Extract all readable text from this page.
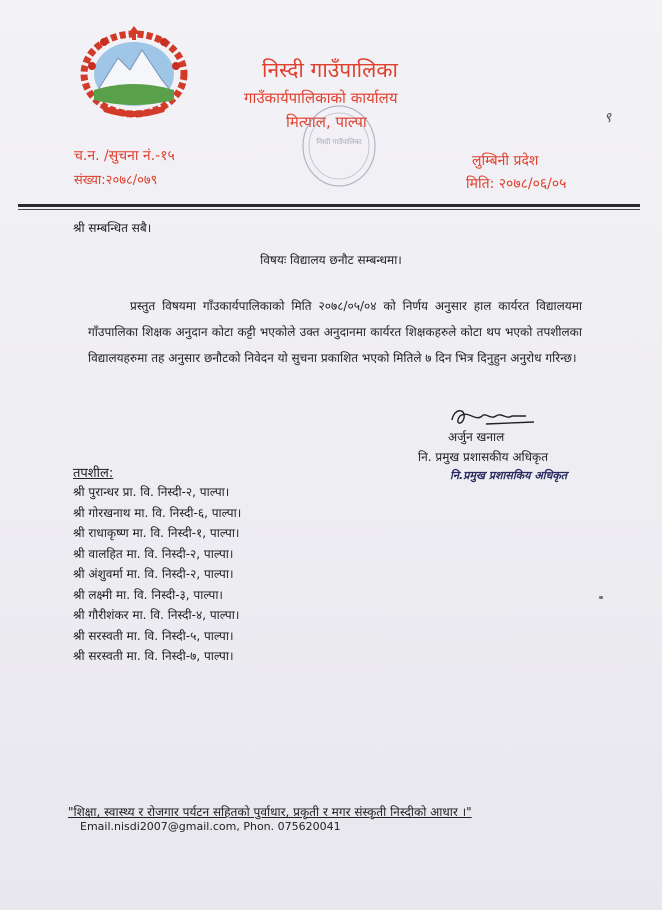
निस्दी गाउँपालिका
गाउँकार्यपालिकाको कार्यालय
मित्याल, पाल्पा
निस्दी गाउँपालिका
च.न. /सुचना नं.-१५
संख्या:२०७८/०७९
लुम्बिनी प्रदेश
मिति: २०७८/०६/०५
९
श्री सम्बन्धित सबै।
विषयः विद्यालय छनौट सम्बन्धमा।

प्रस्तुत विषयमा गाँउकार्यपालिकाको मिति २०७८/०५/०४ को निर्णय अनुसार हाल कार्यरत विद्यालयमा गाँउपालिका शिक्षक अनुदान कोटा कट्टी भएकोले उक्त अनुदानमा कार्यरत शिक्षकहरुले कोटा थप भएको तपशीलका विद्यालयहरुमा तह अनुसार छनौटको निवेदन यो सुचना प्रकाशित भएको मितिले ७ दिन भित्र दिनुहुन अनुरोध गरिन्छ।

अर्जुन खनाल
नि. प्रमुख प्रशासकीय अधिकृत
नि.प्रमुख प्रशासकिय अधिकृत
तपशील:
श्री पुरान्धर प्रा. वि. निस्दी-२, पाल्पा।
श्री गोरखनाथ मा. वि. निस्दी-६, पाल्पा।
श्री राधाकृष्ण मा. वि. निस्दी-१, पाल्पा।
श्री वालहित मा. वि. निस्दी-२, पाल्पा।
श्री अंशुवर्मा मा. वि. निस्दी-२, पाल्पा।
श्री लक्ष्मी मा. वि. निस्दी-३, पाल्पा।
श्री गौरीशंकर मा. वि. निस्दी-४, पाल्पा।
श्री सरस्वती मा. वि. निस्दी-५, पाल्पा।
श्री सरस्वती मा. वि. निस्दी-७, पाल्पा।
"शिक्षा, स्वास्थ्य र रोजगार पर्यटन सहितको पुर्वाधार, प्रकृती र मगर संस्कृती निस्दीको आधार ।"
Email.nisdi2007@gmail.com, Phon. 075620041
